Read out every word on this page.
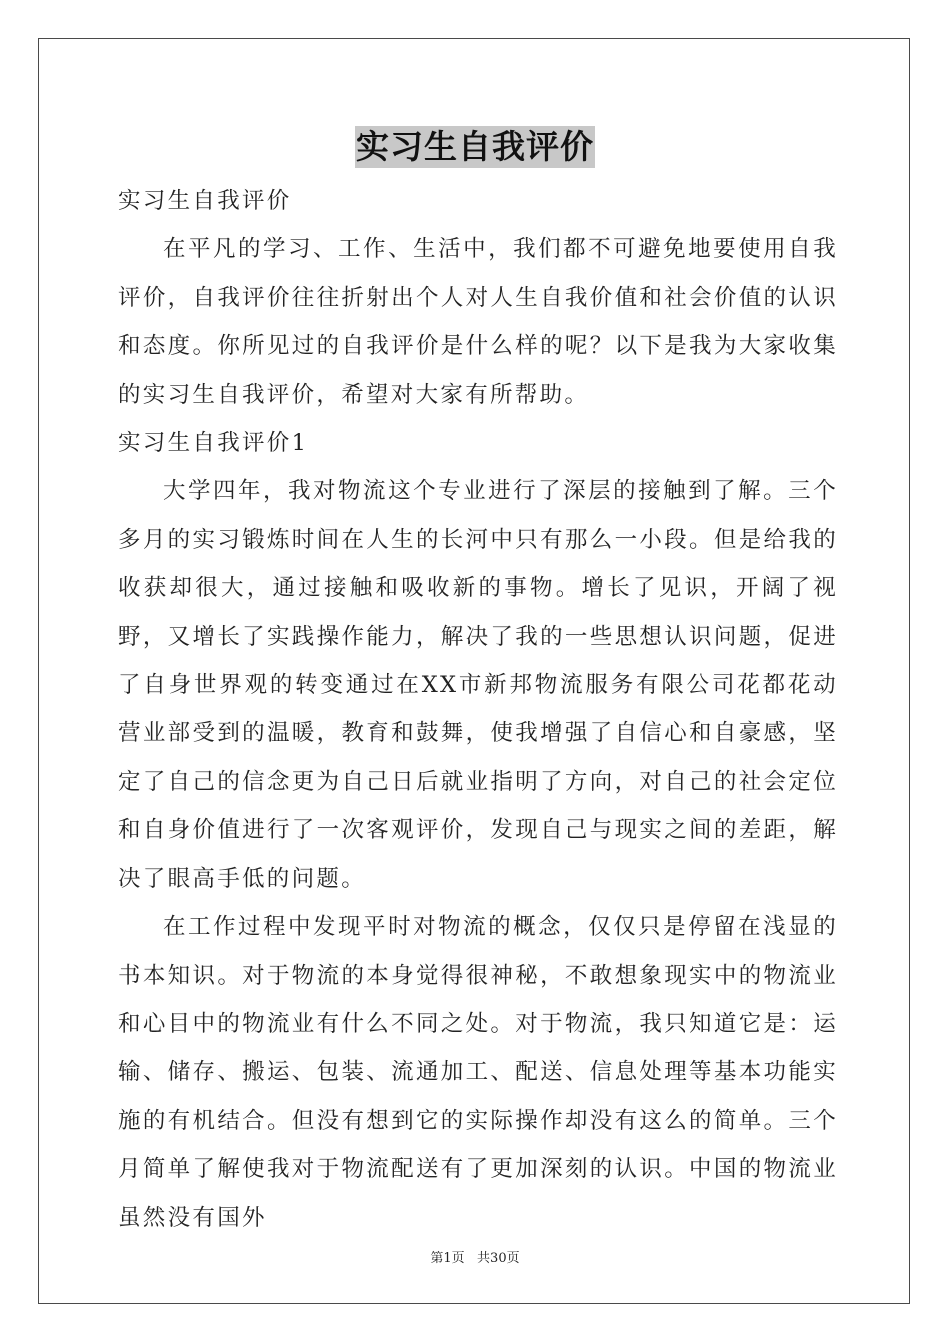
实习生自我评价

实习生自我评价

在平凡的学习、工作、生活中，我们都不可避免地要使用自我评价，自我评价往往折射出个人对人生自我价值和社会价值的认识和态度。你所见过的自我评价是什么样的呢？以下是我为大家收集的实习生自我评价，希望对大家有所帮助。

实习生自我评价1

大学四年，我对物流这个专业进行了深层的接触到了解。三个多月的实习锻炼时间在人生的长河中只有那么一小段。但是给我的收获却很大，通过接触和吸收新的事物。增长了见识，开阔了视野，又增长了实践操作能力，解决了我的一些思想认识问题，促进了自身世界观的转变通过在XX市新邦物流服务有限公司花都花动营业部受到的温暖，教育和鼓舞，使我增强了自信心和自豪感，坚定了自己的信念更为自己日后就业指明了方向，对自己的社会定位和自身价值进行了一次客观评价，发现自己与现实之间的差距，解决了眼高手低的问题。

在工作过程中发现平时对物流的概念，仅仅只是停留在浅显的书本知识。对于物流的本身觉得很神秘，不敢想象现实中的物流业和心目中的物流业有什么不同之处。对于物流，我只知道它是：运输、储存、搬运、包装、流通加工、配送、信息处理等基本功能实施的有机结合。但没有想到它的实际操作却没有这么的简单。三个月简单了解使我对于物流配送有了更加深刻的认识。中国的物流业虽然没有国外

第1页   共30页
